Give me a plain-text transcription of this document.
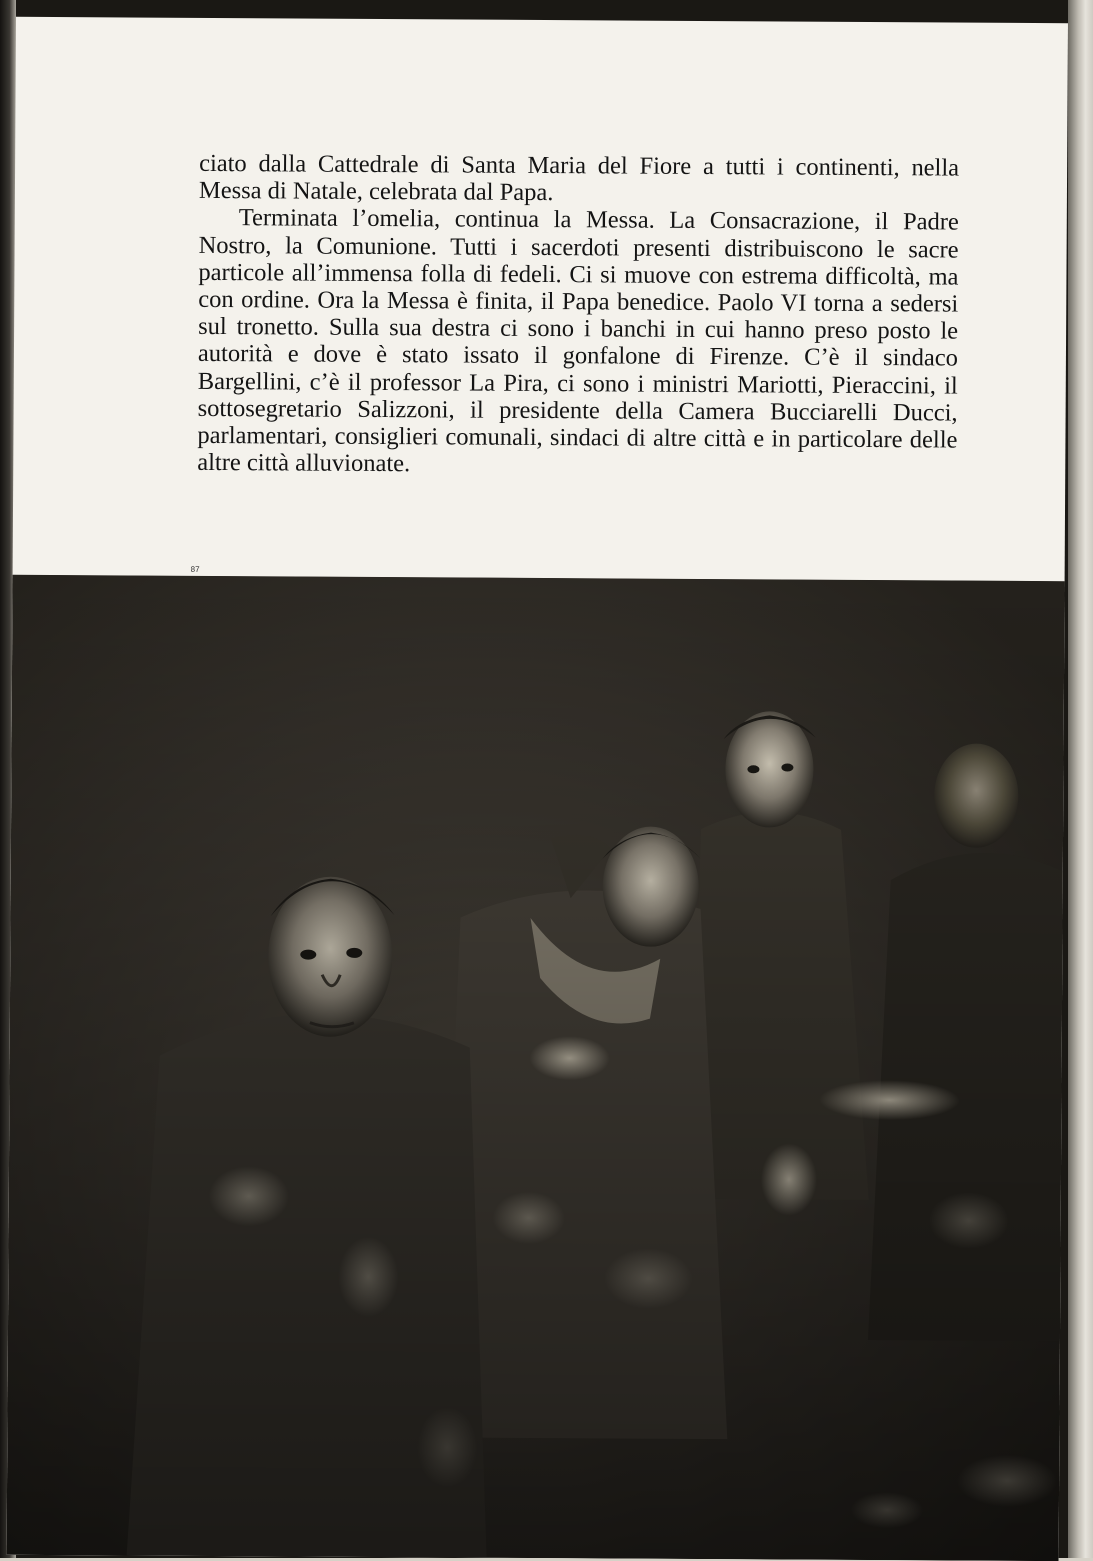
ciato dalla Cattedrale di Santa Maria del Fiore a tutti i continenti, nella Messa di Natale, celebrata dal Papa.

Terminata l’omelia, continua la Messa. La Consacrazione, il Padre Nostro, la Comunione. Tutti i sacerdoti presenti distribuiscono le sacre particole all’immensa folla di fedeli. Ci si muove con estrema difficoltà, ma con ordine. Ora la Messa è finita, il Papa benedice. Paolo VI torna a sedersi sul tronetto. Sulla sua destra ci sono i banchi in cui hanno preso posto le autorità e dove è stato issato il gonfalone di Firenze. C’è il sindaco Bargellini, c’è il professor La Pira, ci sono i ministri Mariotti, Pieraccini, il sottosegretario Salizzoni, il presidente della Camera Bucciarelli Ducci, parlamentari, consiglieri comunali, sindaci di altre città e in particolare delle altre città alluvionate.

87
